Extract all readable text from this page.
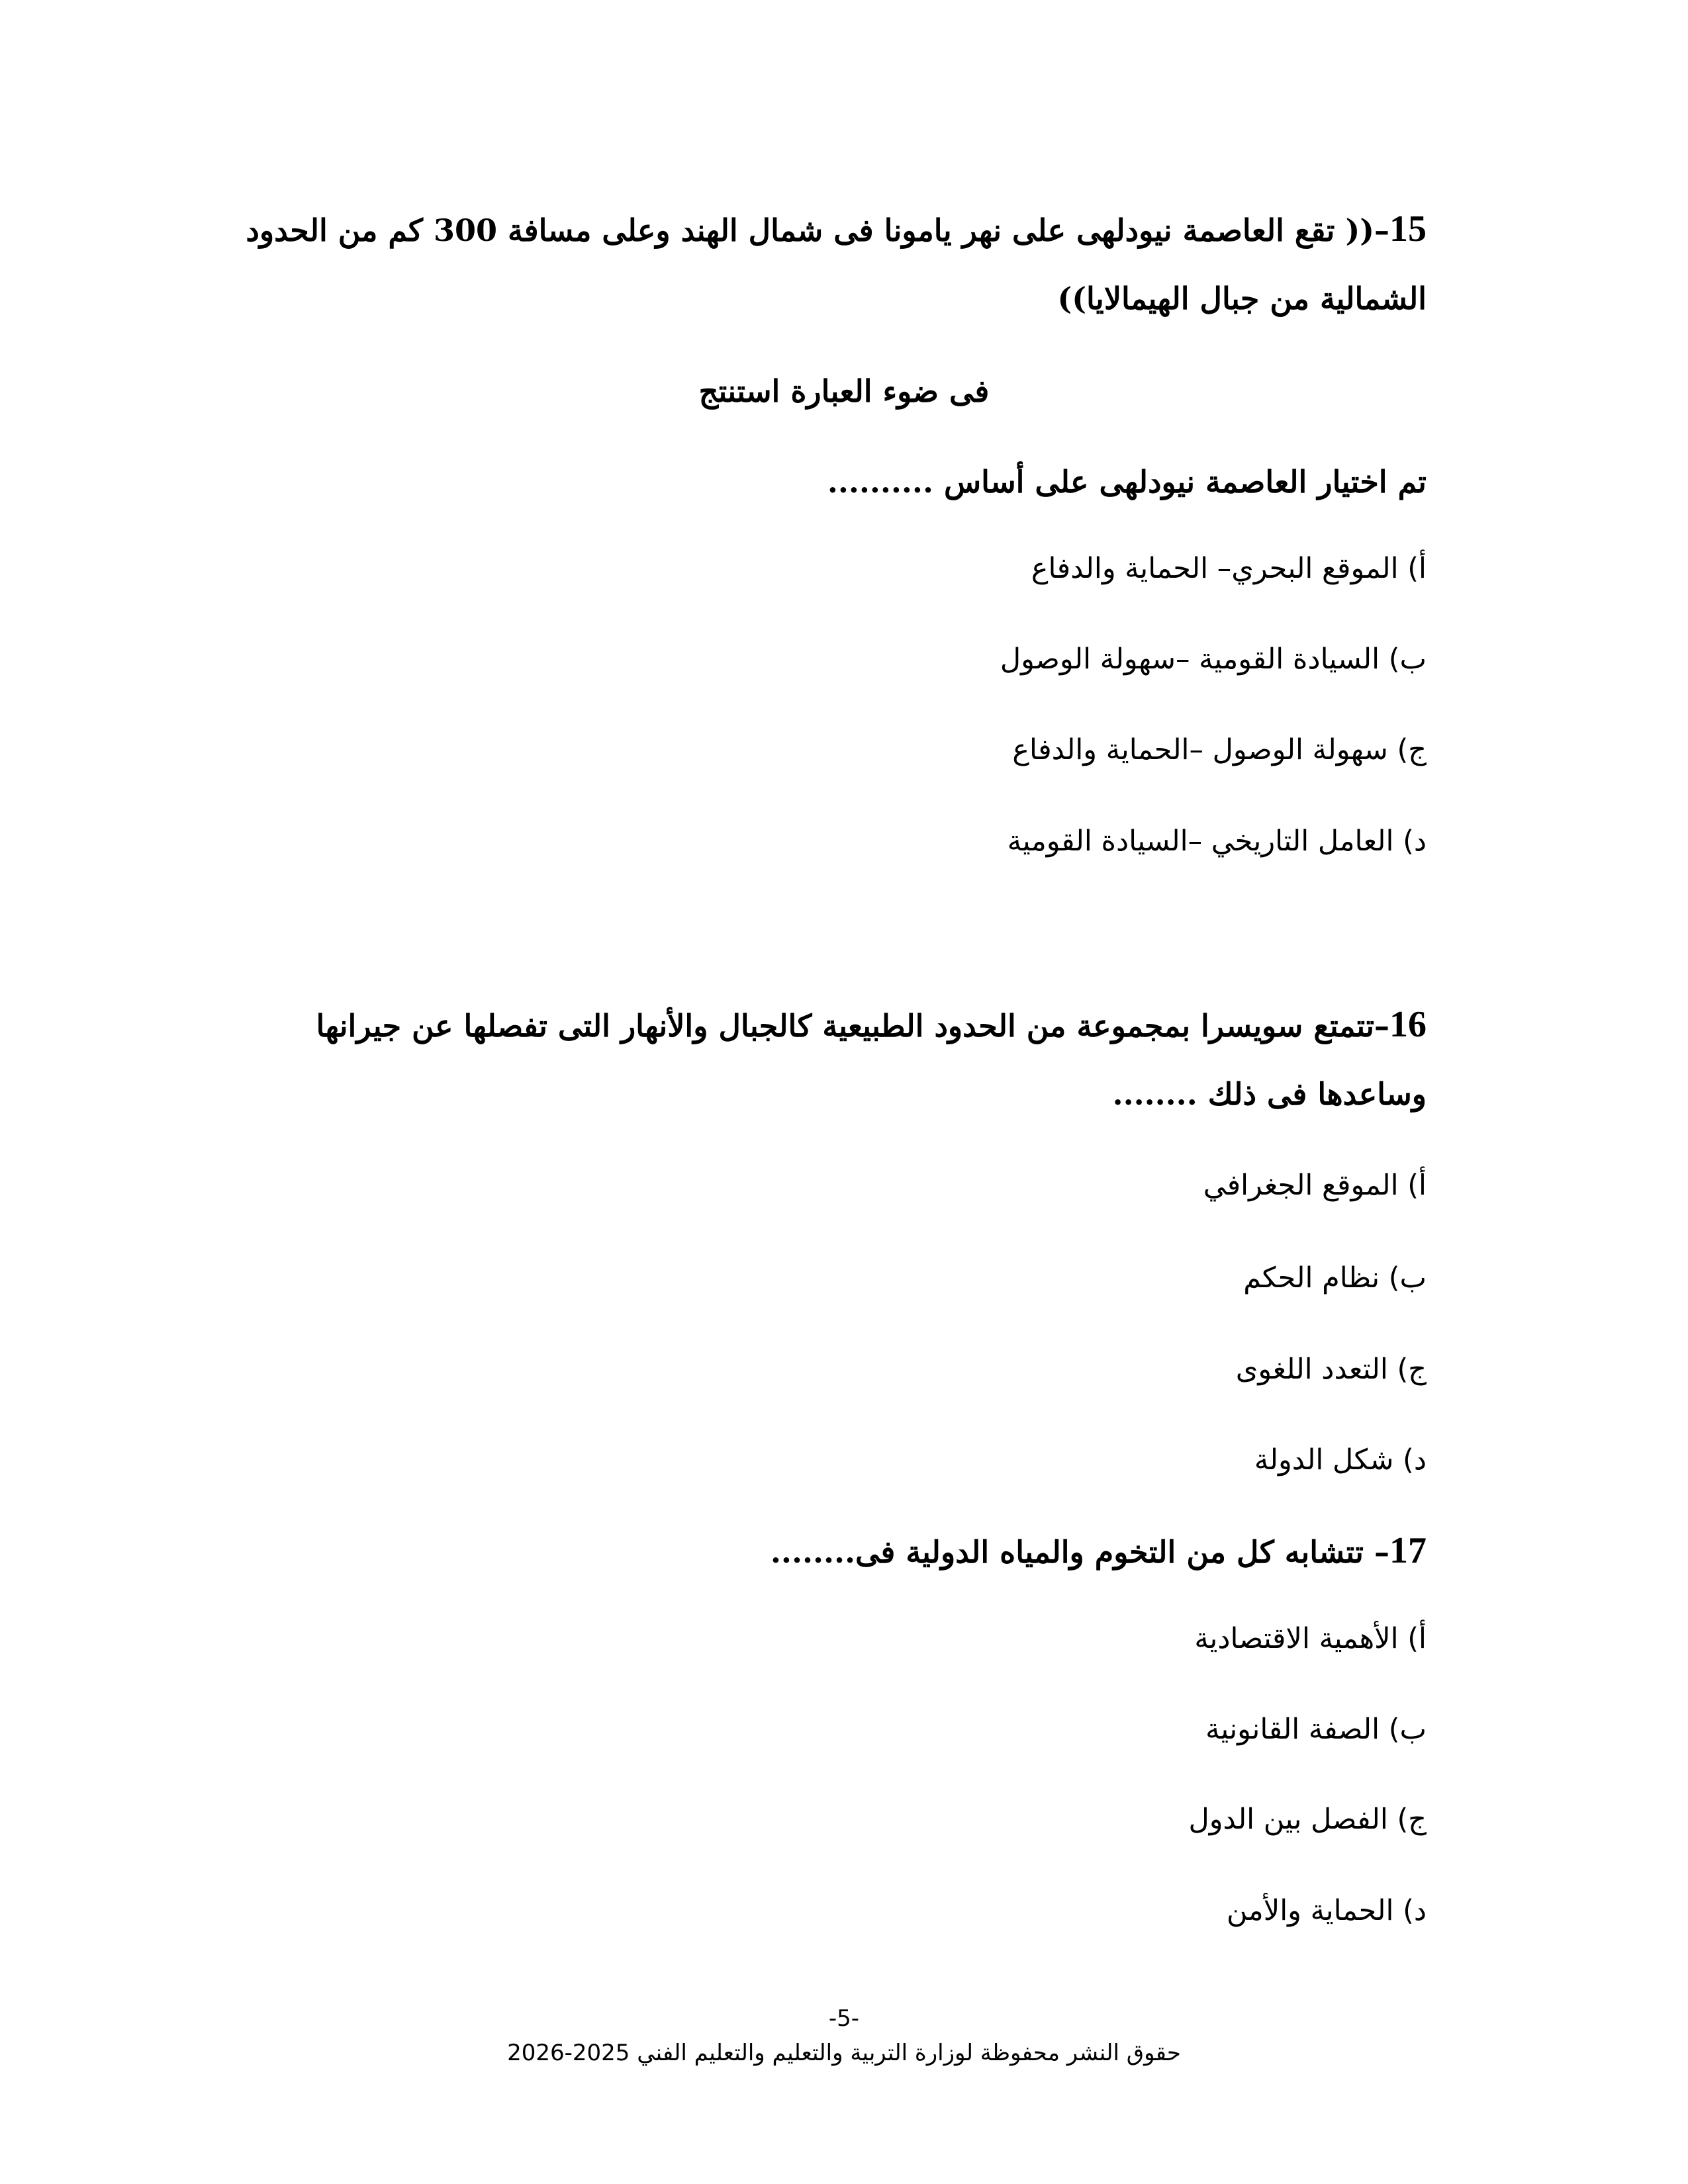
15–(( تقع العاصمة نيودلهى على نهر يامونا فى شمال الهند وعلى مسافة 300 كم من الحدود
الشمالية من جبال الهيمالايا))
فى ضوء العبارة استنتج
تم اختيار العاصمة نيودلهى على أساس ..........
أ) الموقع البحري– الحماية والدفاع
ب) السيادة القومية –سهولة الوصول
ج) سهولة الوصول –الحماية والدفاع
د) العامل التاريخي –السيادة القومية
16–تتمتع سويسرا بمجموعة من الحدود الطبيعية كالجبال والأنهار التى تفصلها عن جيرانها
وساعدها فى ذلك ........
أ) الموقع الجغرافي
ب) نظام الحكم
ج) التعدد اللغوى
د) شكل الدولة
17– تتشابه كل من التخوم والمياه الدولية فى........
أ) الأهمية الاقتصادية
ب) الصفة القانونية
ج) الفصل بين الدول
د) الحماية والأمن
-5-
حقوق النشر محفوظة لوزارة التربية والتعليم والتعليم الفني 2025-2026
